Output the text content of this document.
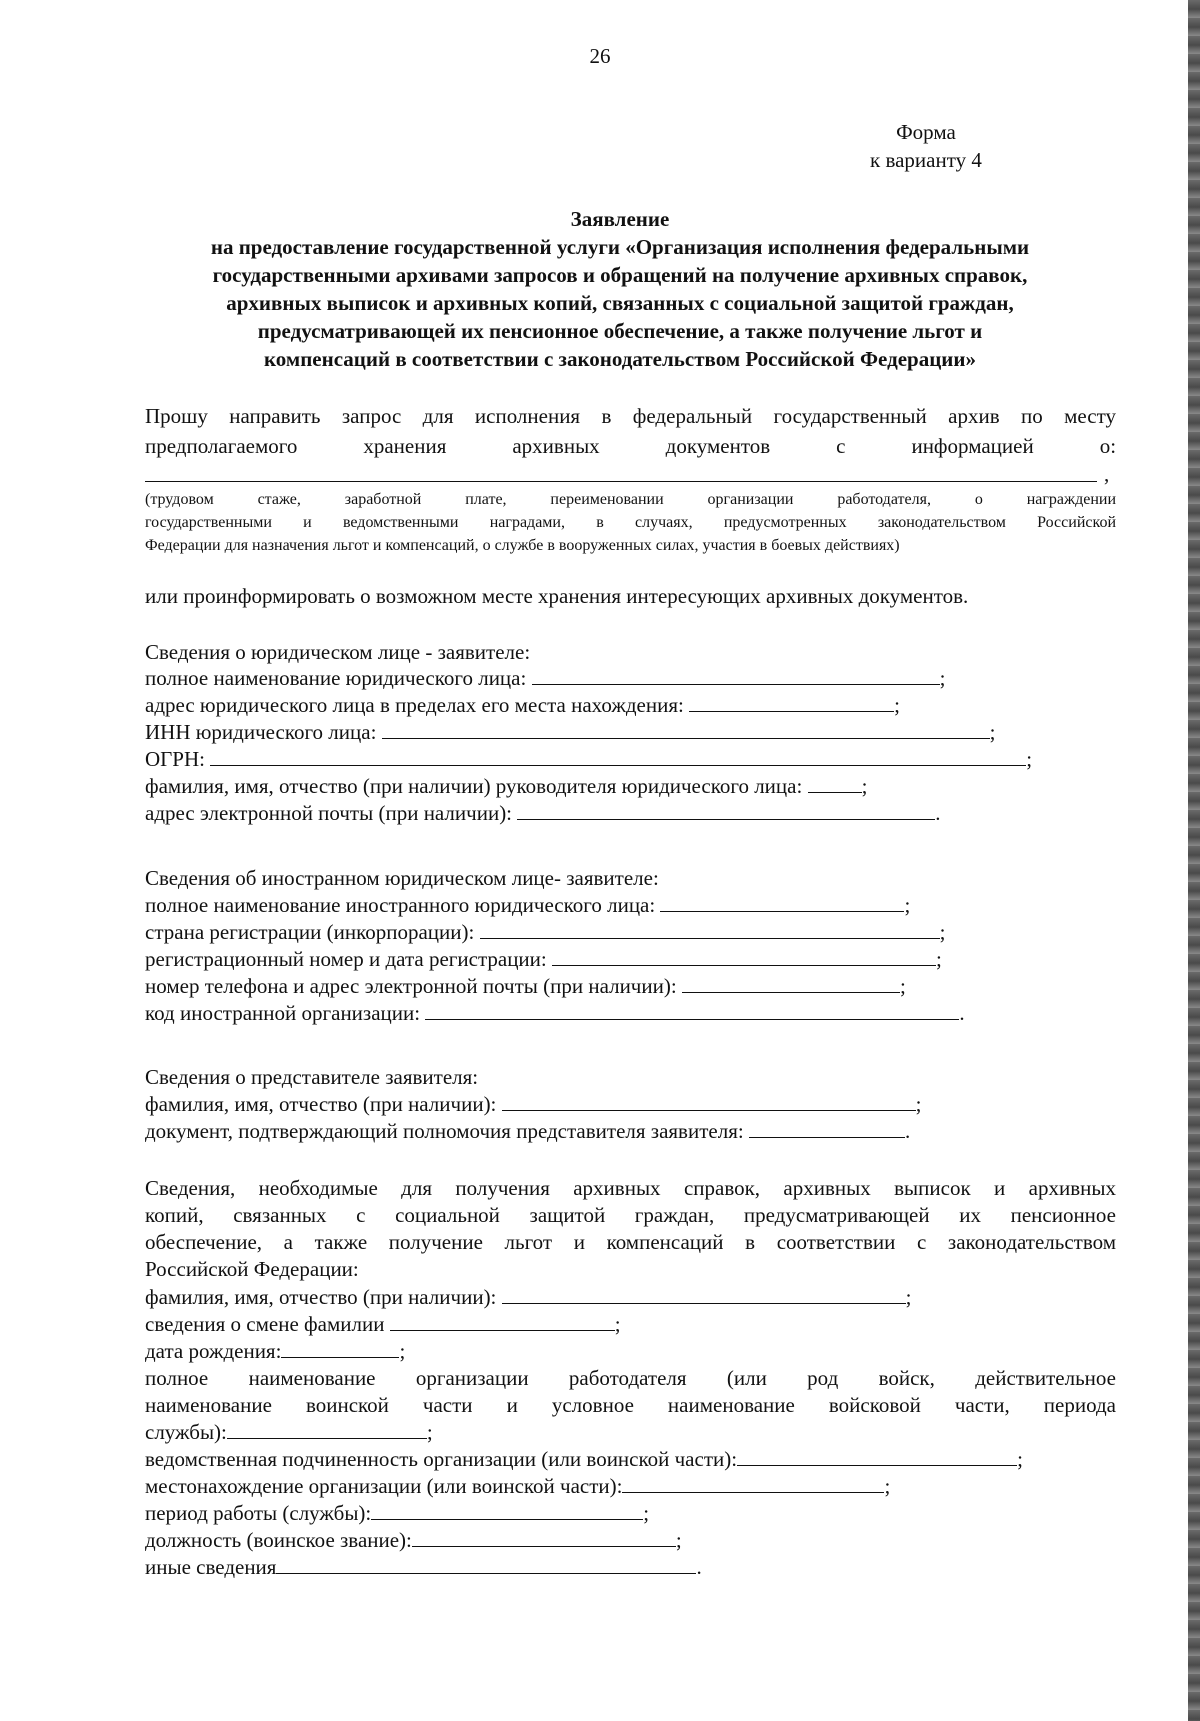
26
Форма
к варианту 4
Заявление
на предоставление государственной услуги «Организация исполнения федеральными
государственными архивами запросов и обращений на получение архивных справок,
архивных выписок и архивных копий, связанных с социальной защитой граждан,
предусматривающей их пенсионное обеспечение, а также получение льгот и
компенсаций в соответствии с законодательством Российской Федерации»
Прошу направить запрос для исполнения в федеральный государственный архив по месту
предполагаемого	хранения	архивных	документов	с	информацией	о:
,
(трудовом стаже, заработной плате, переименовании организации работодателя, о награждении
государственными и ведомственными наградами, в случаях, предусмотренных законодательством Российской
Федерации для назначения льгот и компенсаций, о службе в вооруженных силах, участия в боевых действиях)
или проинформировать о возможном месте хранения интересующих архивных документов.
Сведения о юридическом лице - заявителе:
полное наименование юридического лица:	;
адрес юридического лица в пределах его места нахождения:	;
ИНН юридического лица:	;
ОГРН:	;
фамилия, имя, отчество (при наличии) руководителя юридического лица:	;
адрес электронной почты (при наличии):	.
Сведения об иностранном юридическом лице- заявителе:
полное наименование иностранного юридического лица:	;
страна регистрации (инкорпорации):	;
регистрационный номер и дата регистрации:	;
номер телефона и адрес электронной почты (при наличии):	;
код иностранной организации:	.
Сведения о представителе заявителя:
фамилия, имя, отчество (при наличии):	;
документ, подтверждающий полномочия представителя заявителя:	.
Сведения, необходимые для получения архивных справок, архивных выписок и архивных
копий, связанных с социальной защитой граждан, предусматривающей их пенсионное
обеспечение, а также получение льгот и компенсаций в соответствии с законодательством
Российской Федерации:
фамилия, имя, отчество (при наличии):	;
сведения о смене фамилии	;
дата рождения:	;
полное наименование организации работодателя (или род войск, действительное
наименование воинской части и условное наименование войсковой части, периода
службы):	;
ведомственная подчиненность организации (или воинской части):	;
местонахождение организации (или воинской части):	;
период работы (службы):	;
должность (воинское звание):	;
иные сведения	.
